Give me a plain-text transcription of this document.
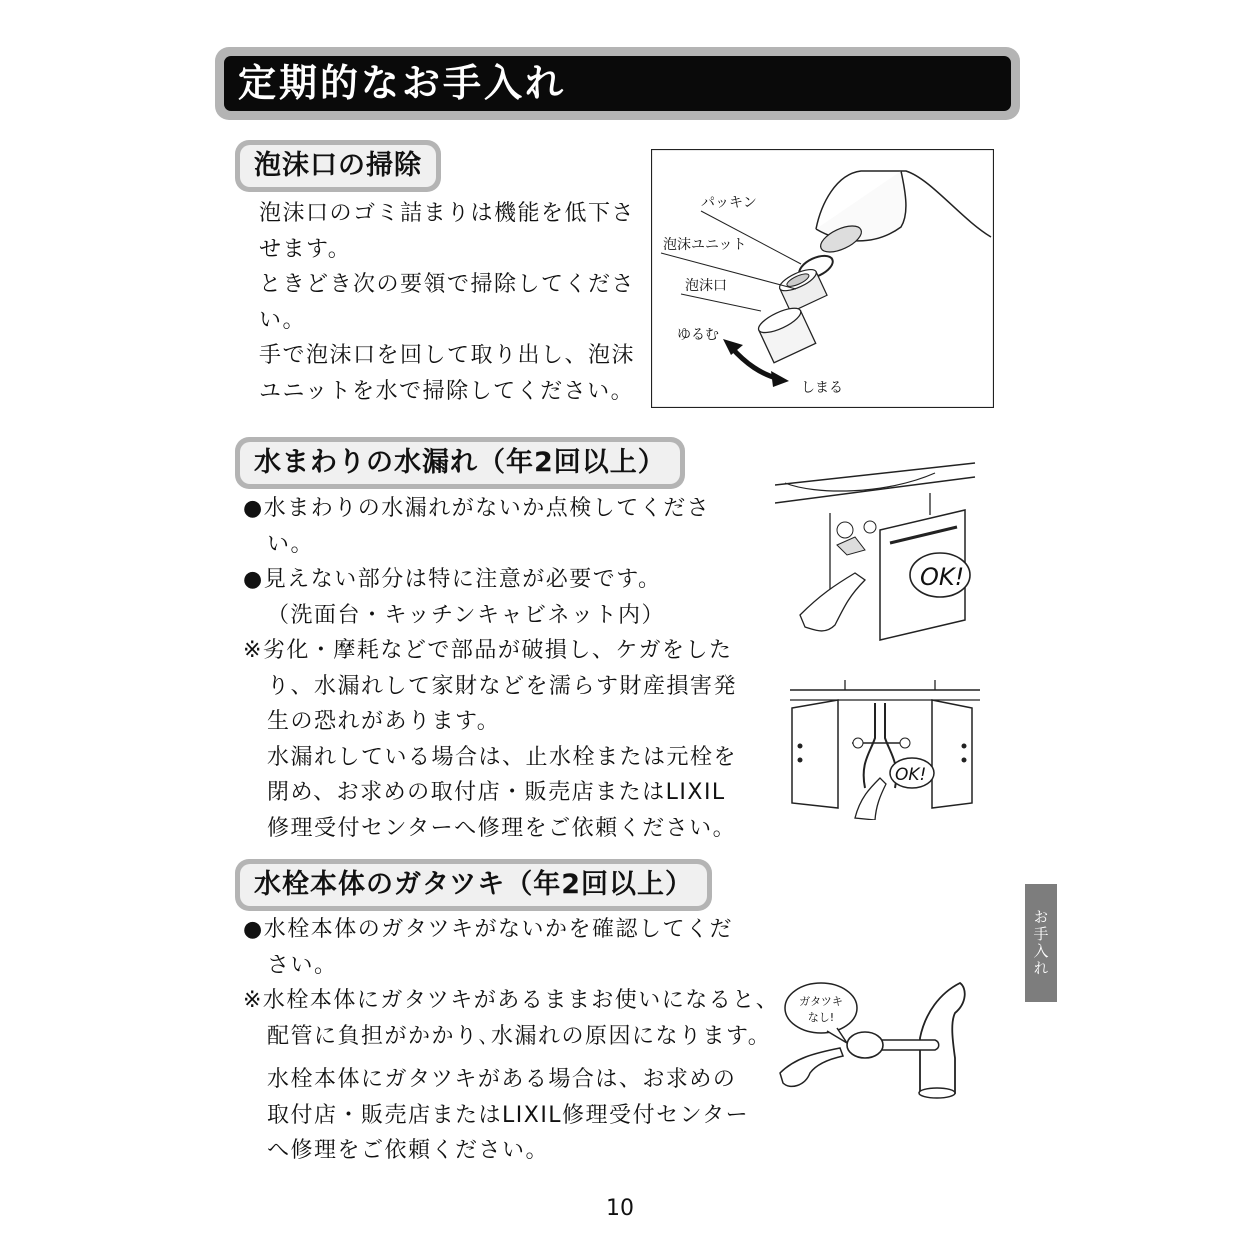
定期的なお手入れ
泡沫口の掃除
泡沫口のゴミ詰まりは機能を低下さ
せます。
ときどき次の要領で掃除してくださ
い。
手で泡沫口を回して取り出し、泡沫
ユニットを水で掃除してください。
パッキン
泡沫ユニット
泡沫口
ゆるむ
しまる
水まわりの水漏れ（年2回以上）
●水まわりの水漏れがないか点検してくださ
い。
●見えない部分は特に注意が必要です。
（洗面台・キッチンキャビネット内）
※劣化・摩耗などで部品が破損し、ケガをした
り、水漏れして家財などを濡らす財産損害発
生の恐れがあります。
水漏れしている場合は、止水栓または元栓を
閉め、お求めの取付店・販売店またはLIXIL
修理受付センターへ修理をご依頼ください。
OK!
OK!
水栓本体のガタツキ（年2回以上）
●水栓本体のガタツキがないかを確認してくだ
さい。
※水栓本体にガタツキがあるままお使いになると、
配管に負担がかかり､水漏れの原因になります。
水栓本体にガタツキがある場合は、お求めの
取付店・販売店またはLIXIL修理受付センター
へ修理をご依頼ください。
ガタツキ
なし!
お手入れ
10
